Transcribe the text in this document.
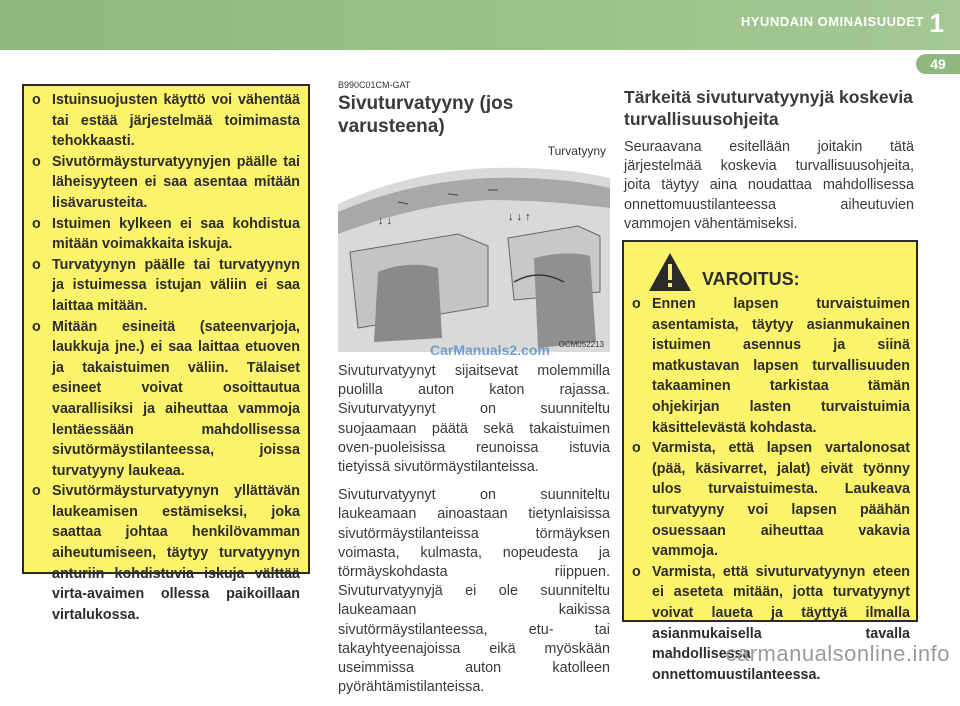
HYUNDAIN OMINAISUUDET 1
49
o Istuinsuojusten käyttö voi vähentää tai estää järjestelmää toimimasta tehokkaasti.
o Sivutörmäysturvatyynyjen päälle tai läheisyyteen ei saa asentaa mitään lisävarusteita.
o Istuimen kylkeen ei saa kohdistua mitään voimakkaita iskuja.
o Turvatyynyn päälle tai turvatyynyn ja istuimessa istujan väliin ei saa laittaa mitään.
o Mitään esineitä (sateenvarjoja, laukkuja jne.) ei saa laittaa etuoven ja takaistuimen väliin. Tälaiset esineet voivat osoittautua vaarallisiksi ja aiheuttaa vammoja lentäessään mahdollisessa sivutörmäystilanteessa, joissa turvatyyny laukeaa.
o Sivutörmäysturvatyynyn yllättävän laukeamisen estämiseksi, joka saattaa johtaa henkilövamman aiheutumiseen, täytyy turvatyynyn anturiin kohdistuvia iskuja välttää virta-avaimen ollessa paikoillaan virtalukossa.
B990C01CM-GAT
Sivuturvatyyny (jos varusteena)
↓ ↓	↓ ↓ ↑
Turvatyyny
OCM052213

Sivuturvatyynyt sijaitsevat molemmilla puolilla auton katon rajassa. Sivuturvatyynyt on suunniteltu suojaamaan päätä sekä takaistuimen oven-puoleisissa reunoissa istuvia tietyissä sivutörmäystilanteissa.

Sivuturvatyynyt on suunniteltu laukeamaan ainoastaan tietynlaisissa sivutörmäystilanteissa törmäyksen voimasta, kulmasta, nopeudesta ja törmäyskohdasta riippuen. Sivuturvatyynyjä ei ole suunniteltu laukeamaan kaikissa sivutörmäystilanteessa, etu- tai takayhtyeenajoissa eikä myöskään useimmissa auton katolleen pyörähtämistilanteissa.

CarManuals2.com
Tärkeitä sivuturvatyynyjä koskevia turvallisuusohjeita

Seuraavana esitellään joitakin tätä järjestelmää koskevia turvallisuusohjeita, joita täytyy aina noudattaa mahdollisessa onnettomuustilanteessa aiheutuvien vammojen vähentämiseksi.

VAROITUS:
o Ennen lapsen turvaistuimen asentamista, täytyy asianmukainen istuimen asennus ja siinä matkustavan lapsen turvallisuuden takaaminen tarkistaa tämän ohjekirjan lasten turvaistuimia käsittelevästä kohdasta.
o Varmista, että lapsen vartalonosat (pää, käsivarret, jalat) eivät työnny ulos turvaistuimesta. Laukeava turvatyyny voi lapsen päähän osuessaan aiheuttaa vakavia vammoja.
o Varmista, että sivuturvatyynyn eteen ei aseteta mitään, jotta turvatyynyt voivat laueta ja täyttyä ilmalla asianmukaisella tavalla mahdollisessa onnettomuustilanteessa.
carmanualsonline.info
